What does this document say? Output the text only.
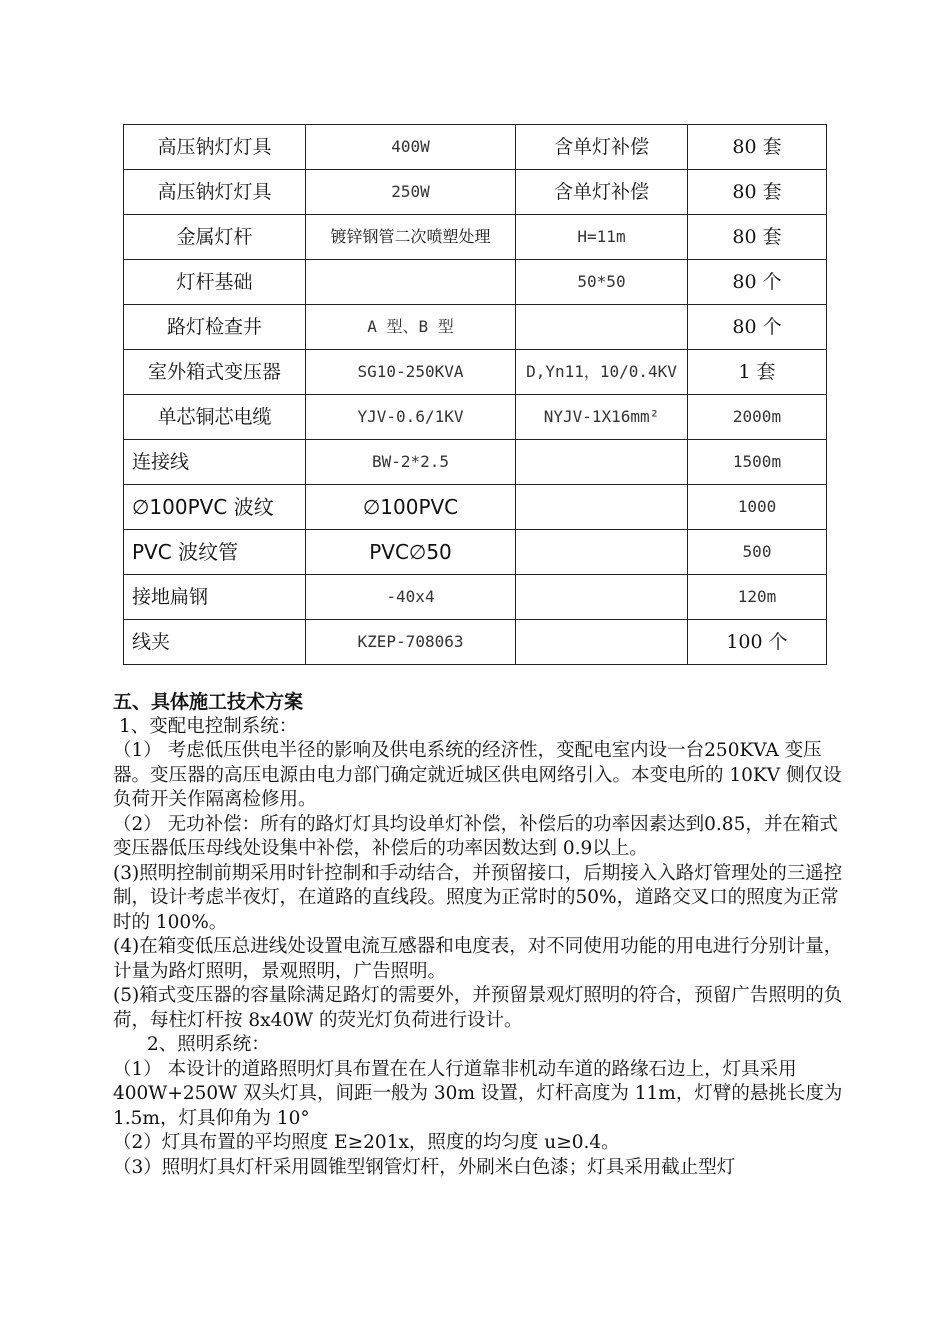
高压钠灯灯具	400W	含单灯补偿	80 套
高压钠灯灯具	250W	含单灯补偿	80 套
金属灯杆	镀锌钢管二次喷塑处理	H=11m	80 套
灯杆基础		50*50	80 个
路灯检查井	A 型、B 型		80 个
室外箱式变压器	SG10-250KVA	D,Yn11，10/0.4KV	1 套
单芯铜芯电缆	YJV-0.6/1KV	NYJV-1X16mm²	2000m
连接线	BW-2*2.5		1500m
∅100PVC 波纹	∅100PVC		1000
PVC 波纹管	PVC∅50		500
接地扁钢	-40x4		120m
线夹	KZEP-708063		100 个

五、具体施工技术方案

1、变配电控制系统：

（1） 考虑低压供电半径的影响及供电系统的经济性，变配电室内设一台250KVA 变压器。变压器的高压电源由电力部门确定就近城区供电网络引入。本变电所的 10KV 侧仅设负荷开关作隔离检修用。

（2） 无功补偿：所有的路灯灯具均设单灯补偿，补偿后的功率因素达到0.85，并在箱式变压器低压母线处设集中补偿，补偿后的功率因数达到 0.9以上。

(3)照明控制前期采用时针控制和手动结合，并预留接口，后期接入入路灯管理处的三遥控制，设计考虑半夜灯，在道路的直线段。照度为正常时的50%，道路交叉口的照度为正常时的 100%。

(4)在箱变低压总进线处设置电流互感器和电度表，对不同使用功能的用电进行分别计量，计量为路灯照明，景观照明，广告照明。

(5)箱式变压器的容量除满足路灯的需要外，并预留景观灯照明的符合，预留广告照明的负荷，每柱灯杆按 8x40W 的荧光灯负荷进行设计。

2、照明系统：

（1） 本设计的道路照明灯具布置在在人行道靠非机动车道的路缘石边上，灯具采用 400W+250W 双头灯具，间距一般为 30m 设置，灯杆高度为 11m，灯臂的悬挑长度为 1.5m，灯具仰角为 10°

（2）灯具布置的平均照度 E≥201x，照度的均匀度 u≥0.4。

（3）照明灯具灯杆采用圆锥型钢管灯杆，外刷米白色漆；灯具采用截止型灯
